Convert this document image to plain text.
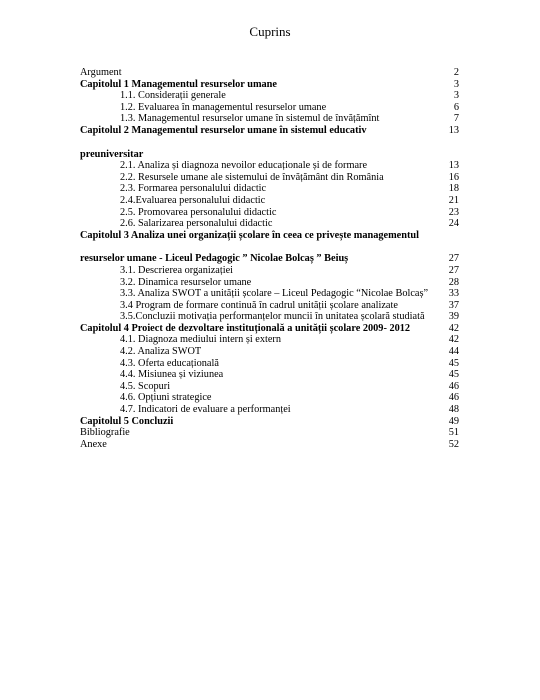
Cuprins
Argument	2
Capitolul 1 Managementul resurselor umane	3
1.1. Considerații generale	3
1.2. Evaluarea în managementul resurselor umane	6
1.3. Managementul resurselor umane în sistemul de învățămînt	7
Capitolul 2 Managementul resurselor umane în sistemul educativ	13
preuniversitar
2.1. Analiza și diagnoza nevoilor educaționale și de formare	13
2.2. Resursele umane ale sistemului de învățământ din România	16
2.3. Formarea personalului didactic	18
2.4.Evaluarea personalului didactic	21
2.5. Promovarea personalului didactic	23
2.6. Salarizarea personalului didactic	24
Capitolul 3 Analiza unei organizații școlare în ceea ce privește managementul
resurselor umane - Liceul Pedagogic ” Nicolae Bolcaș ” Beiuș	27
3.1. Descrierea organizației	27
3.2. Dinamica resurselor umane	28
3.3. Analiza SWOT a unității școlare – Liceul Pedagogic “Nicolae Bolcaș” 33
3.4 Program de formare continuă în cadrul unității școlare analizate	37
3.5.Concluzii motivația performanțelor muncii în unitatea școlară studiată 39
Capitolul 4 Proiect de dezvoltare instituțională a unității școlare 2009- 2012	42
4.1. Diagnoza mediului intern și extern	42
4.2. Analiza SWOT	44
4.3. Oferta educațională	45
4.4. Misiunea și viziunea	45
4.5. Scopuri	46
4.6. Opțiuni strategice	46
4.7. Indicatori de evaluare a performanței	48
Capitolul 5 Concluzii	49
Bibliografie	51
Anexe	52
